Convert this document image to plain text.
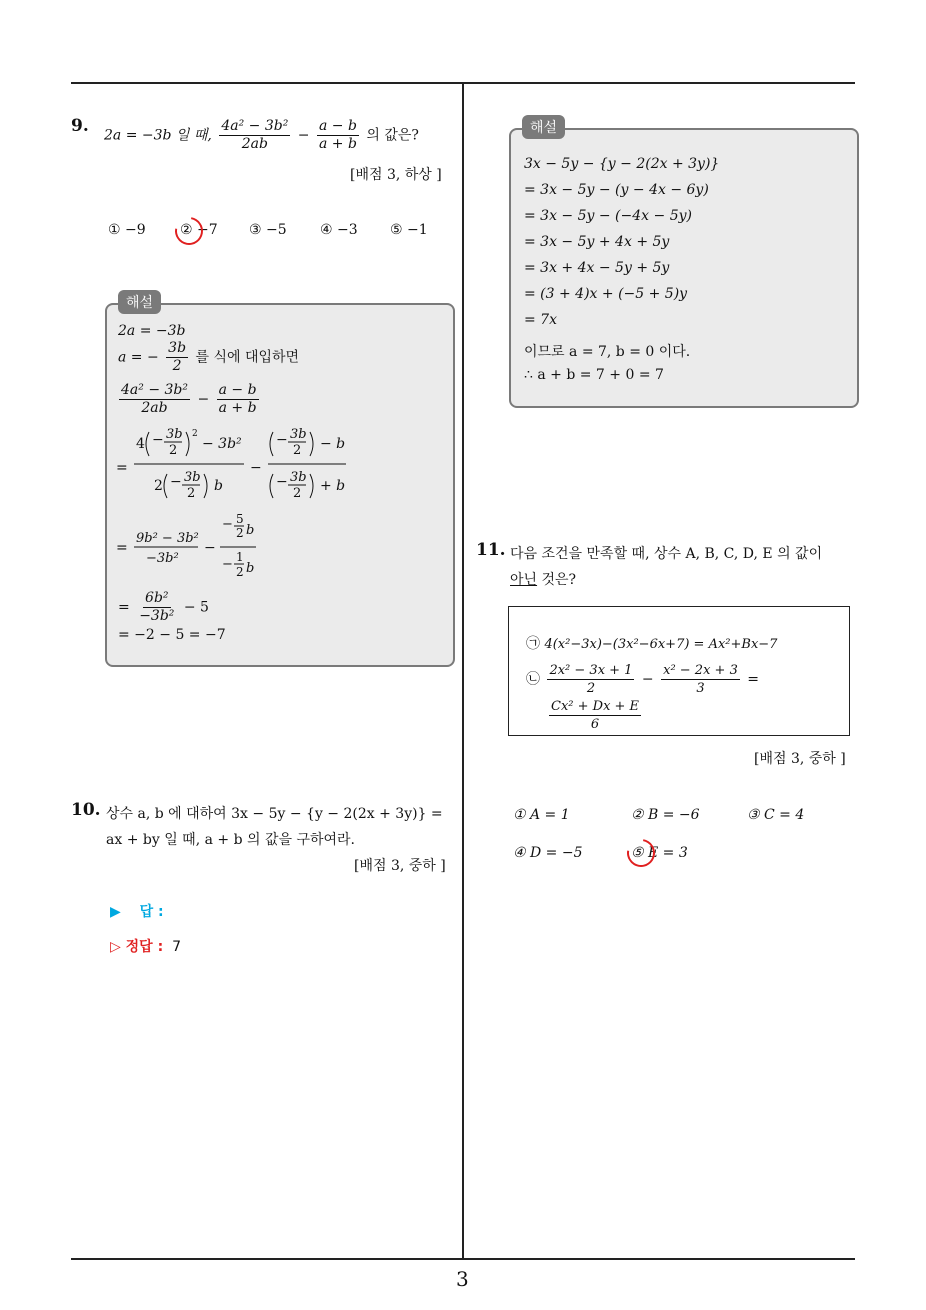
3
9. 2a = −3b 일 때, $\frac{\text{4a² − 3b²}}{2ab} - \frac{a - b}{a + b}$ 의 값은?
[배점 3, 하상 ]
① −9 ② −7 ③ −5 ④ −3 ⑤ −1
해설
2a = −3b
a = − $\frac{3b}{2}$ 를 식에 대입하면
$\frac{\text{4a² − 3b²}}{2ab} - \frac{a - b}{a + b}$
=
4 − 3b
2
2
− 3b²
2 − 3b
2 b
−
− 3b
2 − b
− 3b
2 + b
=
9b² − 3b²
−3b²
−
− 5
2 b
− 1
2 b
= $\frac{\text{6b²}}{\text{−3b²}} - 5$
= −2 − 5 = −7
10. 상수 a, b 에 대하여 3x − 5y − {y − 2(2x + 3y)} =
ax + by 일 때, a + b 의 값을 구하여라.
[배점 3, 중하 ]
▶ 답 :
▷ 정답 : 7
해설
3x − 5y − {y − 2(2x + 3y)}
= 3x − 5y − (y − 4x − 6y)
= 3x − 5y − (−4x − 5y)
= 3x − 5y + 4x + 5y
= 3x + 4x − 5y + 5y
= (3 + 4)x + (−5 + 5)y
= 7x
이므로 a = 7, b = 0 이다.
∴ a + b = 7 + 0 = 7
11. 다음 조건을 만족할 때, 상수 A, B, C, D, E 의 값이
아닌 것은?
㉠ 4(x²−3x)−(3x²−6x+7) = Ax²+Bx−7
㉡ $\frac{\text{2x² − 3x + 1}}{2} - \frac{\text{x² − 2x + 3}}{3}$ =
$\frac{\text{Cx² + Dx + E}}{6}$
[배점 3, 중하 ]
① A = 1	② B = −6	③ C = 4
④ D = −5	⑤ E = 3
